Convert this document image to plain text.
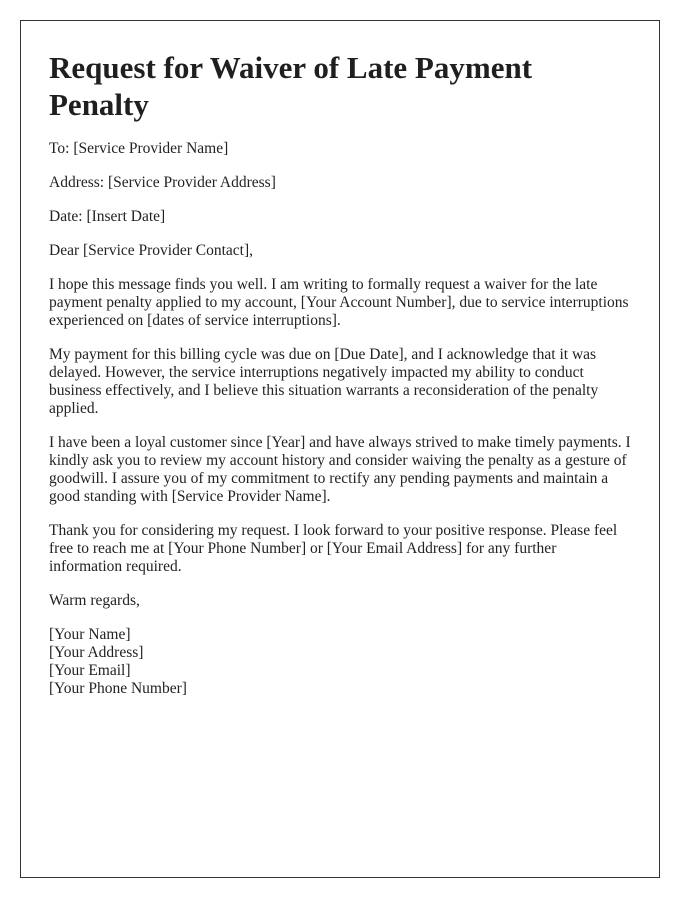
Request for Waiver of Late Payment Penalty

To: [Service Provider Name]

Address: [Service Provider Address]

Date: [Insert Date]

Dear [Service Provider Contact],

I hope this message finds you well. I am writing to formally request a waiver for the late payment penalty applied to my account, [Your Account Number], due to service interruptions experienced on [dates of service interruptions].

My payment for this billing cycle was due on [Due Date], and I acknowledge that it was delayed. However, the service interruptions negatively impacted my ability to conduct business effectively, and I believe this situation warrants a reconsideration of the penalty applied.

I have been a loyal customer since [Year] and have always strived to make timely payments. I kindly ask you to review my account history and consider waiving the penalty as a gesture of goodwill. I assure you of my commitment to rectify any pending payments and maintain a good standing with [Service Provider Name].

Thank you for considering my request. I look forward to your positive response. Please feel free to reach me at [Your Phone Number] or [Your Email Address] for any further information required.

Warm regards,

[Your Name]
[Your Address]
[Your Email]
[Your Phone Number]
